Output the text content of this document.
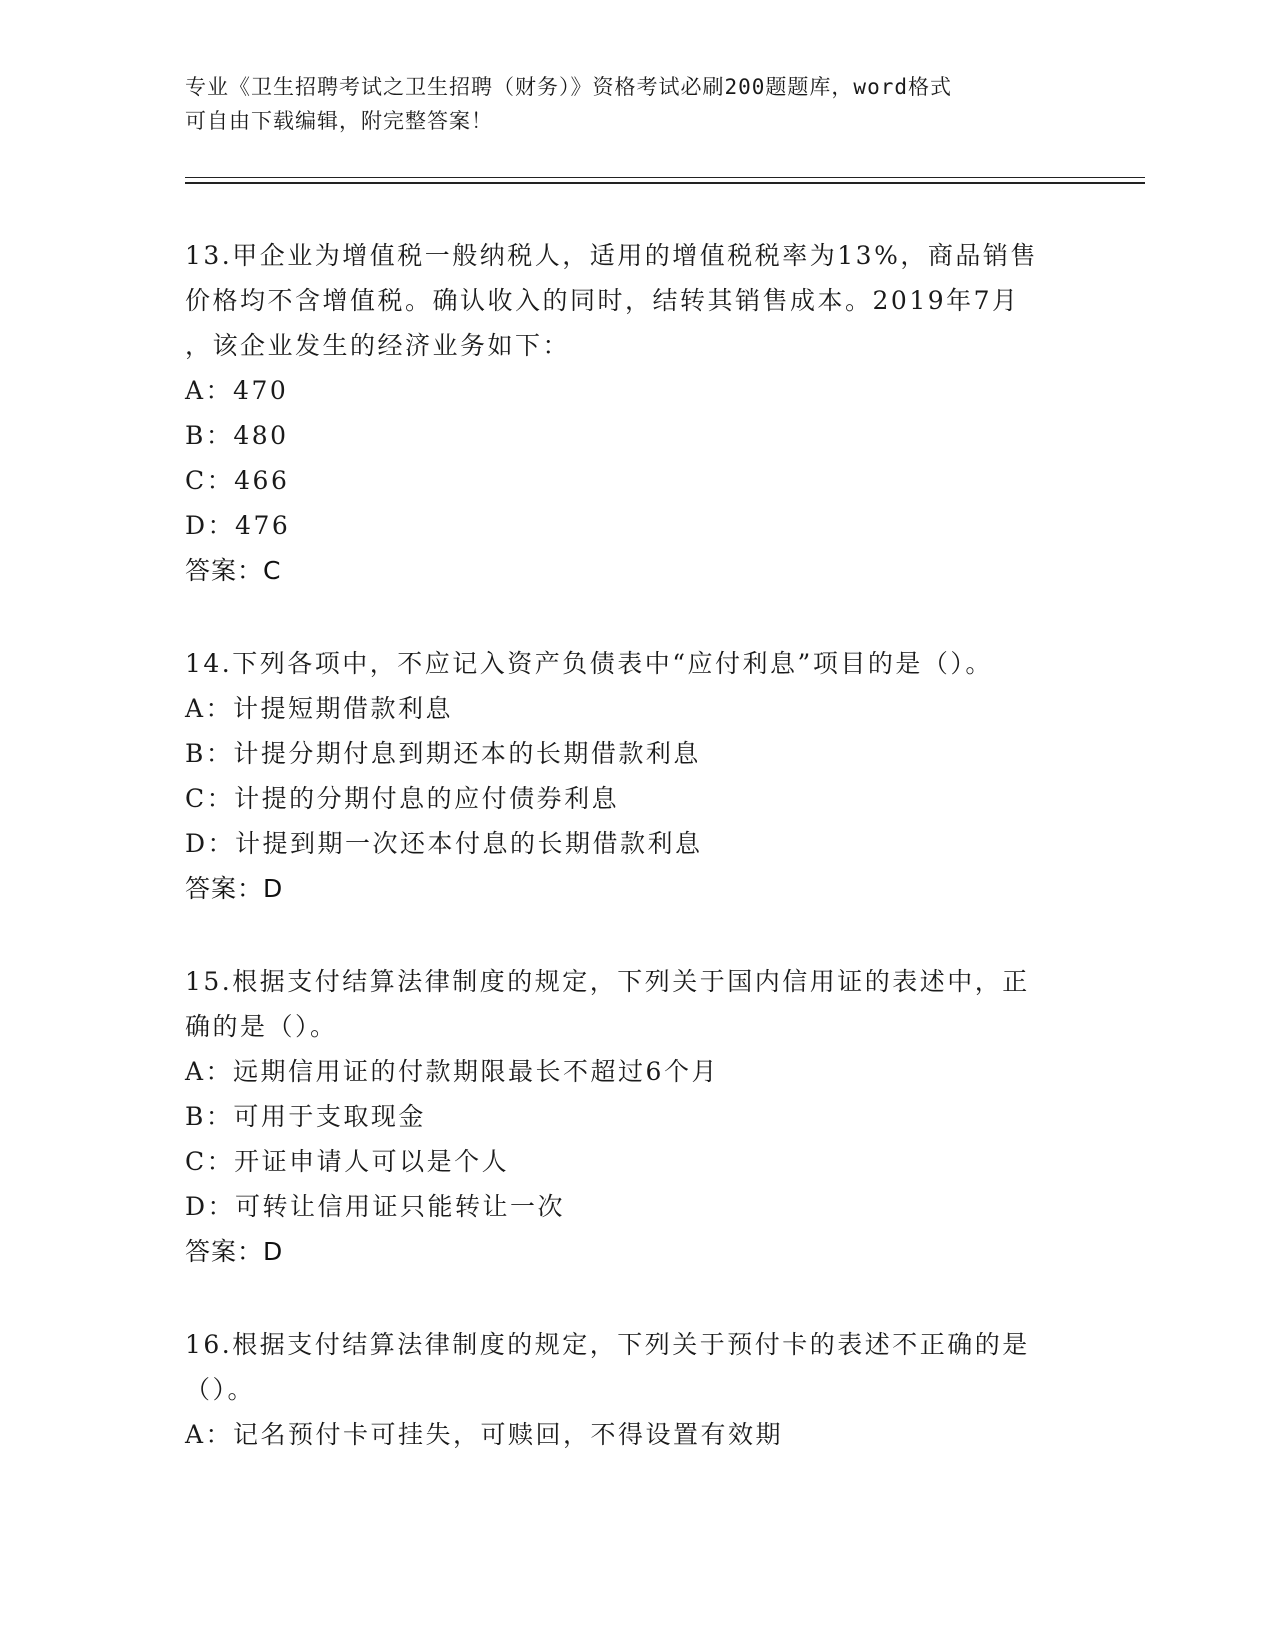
专业《卫生招聘考试之卫生招聘（财务）》资格考试必刷200题题库，word格式
可自由下载编辑，附完整答案！
13.甲企业为增值税一般纳税人，适用的增值税税率为13%，商品销售
价格均不含增值税。确认收入的同时，结转其销售成本。2019年7月
，该企业发生的经济业务如下：
A：470
B：480
C：466
D：476
答案：C
14.下列各项中，不应记入资产负债表中“应付利息”项目的是（）。
A：计提短期借款利息
B：计提分期付息到期还本的长期借款利息
C：计提的分期付息的应付债券利息
D：计提到期一次还本付息的长期借款利息
答案：D
15.根据支付结算法律制度的规定，下列关于国内信用证的表述中，正
确的是（）。
A：远期信用证的付款期限最长不超过6个月
B：可用于支取现金
C：开证申请人可以是个人
D：可转让信用证只能转让一次
答案：D
16.根据支付结算法律制度的规定，下列关于预付卡的表述不正确的是
（）。
A：记名预付卡可挂失，可赎回，不得设置有效期
